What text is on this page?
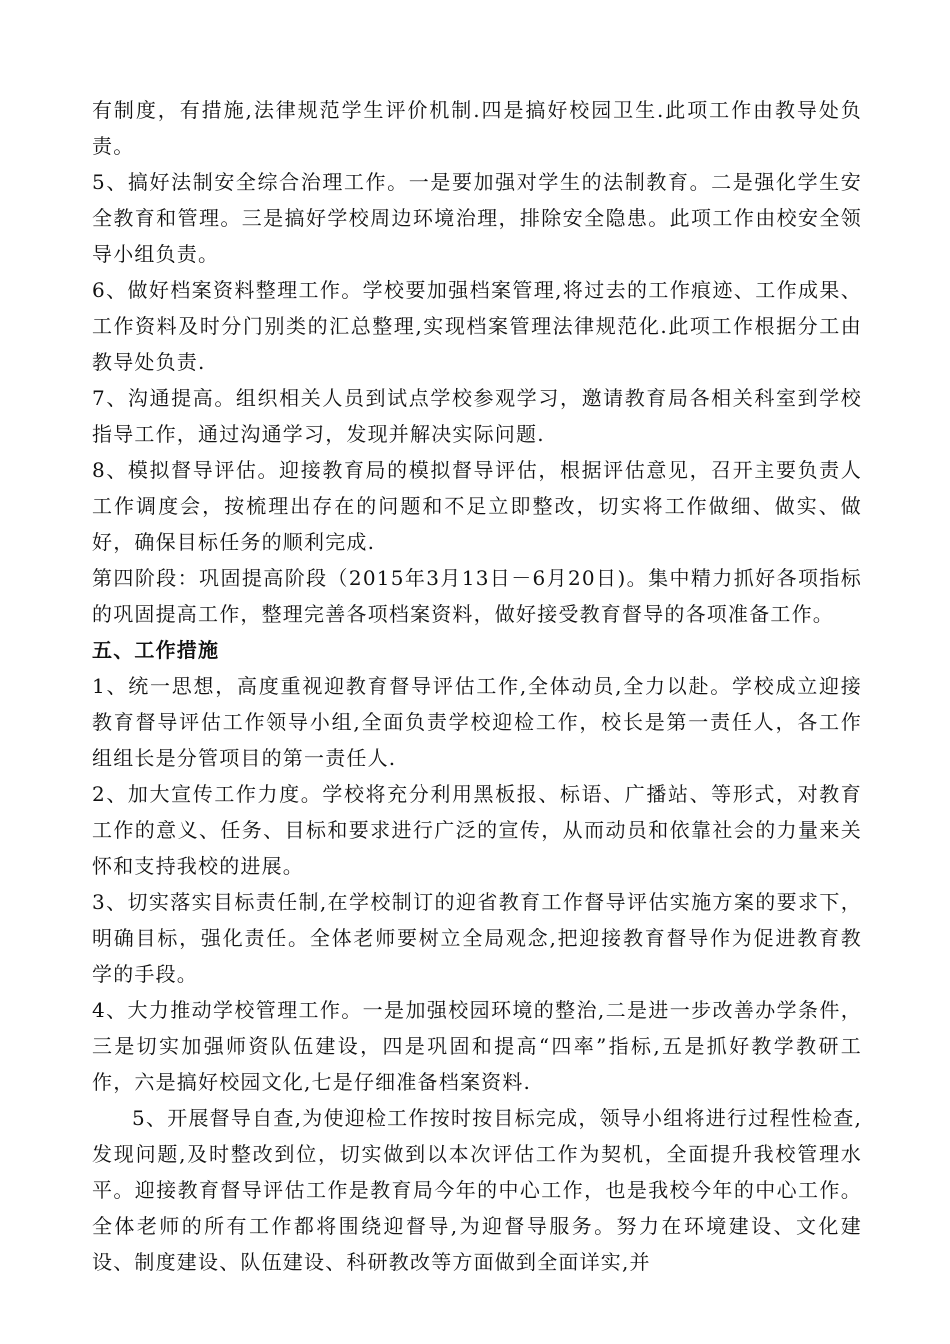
有制度，有措施,法律规范学生评价机制.四是搞好校园卫生.此项工作由教导处负责。

5、搞好法制安全综合治理工作。一是要加强对学生的法制教育。二是强化学生安全教育和管理。三是搞好学校周边环境治理，排除安全隐患。此项工作由校安全领导小组负责。

6、做好档案资料整理工作。学校要加强档案管理,将过去的工作痕迹、工作成果、工作资料及时分门别类的汇总整理,实现档案管理法律规范化.此项工作根据分工由教导处负责.

7、沟通提高。组织相关人员到试点学校参观学习，邀请教育局各相关科室到学校指导工作，通过沟通学习，发现并解决实际问题.

8、模拟督导评估。迎接教育局的模拟督导评估，根据评估意见，召开主要负责人工作调度会，按梳理出存在的问题和不足立即整改，切实将工作做细、做实、做好，确保目标任务的顺利完成.

第四阶段：巩固提高阶段（2015年3月13日－6月20日)。集中精力抓好各项指标的巩固提高工作，整理完善各项档案资料，做好接受教育督导的各项准备工作。

五、工作措施

1、统一思想，高度重视迎教育督导评估工作,全体动员,全力以赴。学校成立迎接教育督导评估工作领导小组,全面负责学校迎检工作，校长是第一责任人，各工作组组长是分管项目的第一责任人.

2、加大宣传工作力度。学校将充分利用黑板报、标语、广播站、等形式，对教育工作的意义、任务、目标和要求进行广泛的宣传，从而动员和依靠社会的力量来关怀和支持我校的进展。

3、切实落实目标责任制,在学校制订的迎省教育工作督导评估实施方案的要求下，明确目标，强化责任。全体老师要树立全局观念,把迎接教育督导作为促进教育教学的手段。

4、大力推动学校管理工作。一是加强校园环境的整治,二是进一步改善办学条件，三是切实加强师资队伍建设，四是巩固和提高“四率”指标,五是抓好教学教研工作，六是搞好校园文化,七是仔细准备档案资料.

5、开展督导自查,为使迎检工作按时按目标完成，领导小组将进行过程性检查,发现问题,及时整改到位，切实做到以本次评估工作为契机，全面提升我校管理水平。迎接教育督导评估工作是教育局今年的中心工作，也是我校今年的中心工作。全体老师的所有工作都将围绕迎督导,为迎督导服务。努力在环境建设、文化建设、制度建设、队伍建设、科研教改等方面做到全面详实,并
